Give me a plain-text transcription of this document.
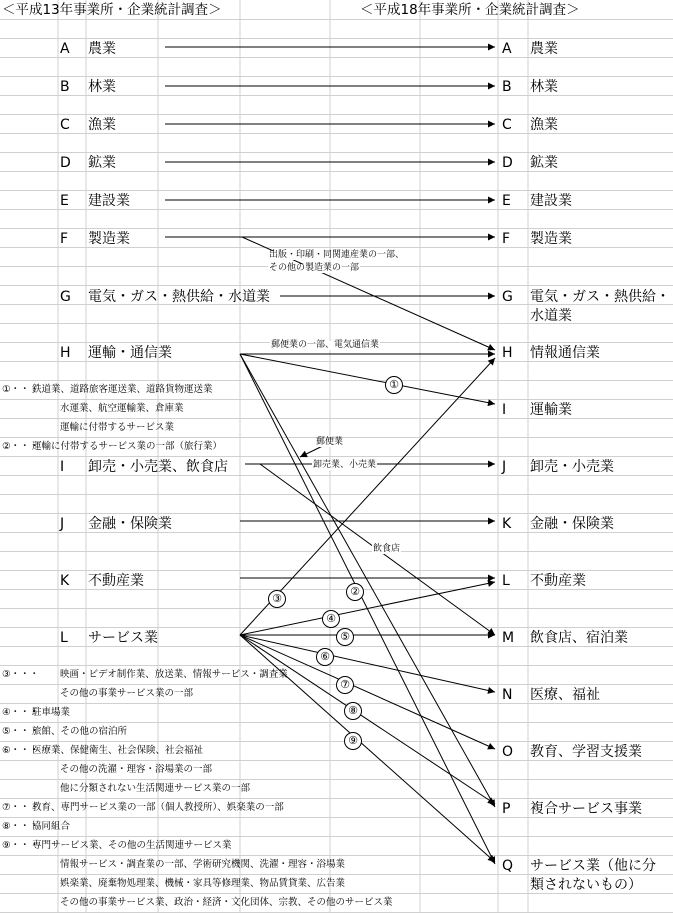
＜平成13年事業所・企業統計調査＞	＜平成18年事業所・企業統計調査＞
A 農業
B 林業
C 漁業
D 鉱業
E 建設業
F 製造業
G 電気・ガス・熱供給・水道業
H 運輸・通信業
I 卸売・小売業、飲食店
J 金融・保険業
K 不動産業
L サービス業
A 農業
B 林業
C 漁業
D 鉱業
E 建設業
F 製造業
G 電気・ガス・熱供給・
水道業
H 情報通信業
I 運輸業
J 卸売・小売業
K 金融・保険業
L 不動産業
M 飲食店、宿泊業
N 医療、福祉
O 教育、学習支援業
P 複合サービス事業
Q サービス業（他に分
類されないもの）
出版・印刷・同関連産業の一部、
その他の製造業の一部
郵便業の一部、電気通信業
郵便業
卸売業、小売業
飲食店
①
②
③
④
⑤
⑥
⑦
⑧
⑨
①・・・
鉄道業、道路旅客運送業、道路貨物運送業
水運業、航空運輸業、倉庫業
運輸に付帯するサービス業
②・・・
運輸に付帯するサービス業の一部（旅行業）
③・・・ 映画・ビデオ制作業、放送業、情報サービス・調査業
その他の事業サービス業の一部
④・・・
駐車場業
⑤・・・
旅館、その他の宿泊所
⑥・・・
医療業、保健衛生、社会保険、社会福祉
その他の洗濯・理容・浴場業の一部
他に分類されない生活関連サービス業の一部
⑦・・・
教育、専門サービス業の一部（個人教授所）、娯楽業の一部
⑧・・・
協同組合
⑨・・・
専門サービス業、その他の生活関連サービス業
情報サービス・調査業の一部、学術研究機関、洗濯・理容・浴場業
娯楽業、廃棄物処理業、機械・家具等修理業、物品賃貸業、広告業
その他の事業サービス業、政治・経済・文化団体、宗教、その他のサービス業
